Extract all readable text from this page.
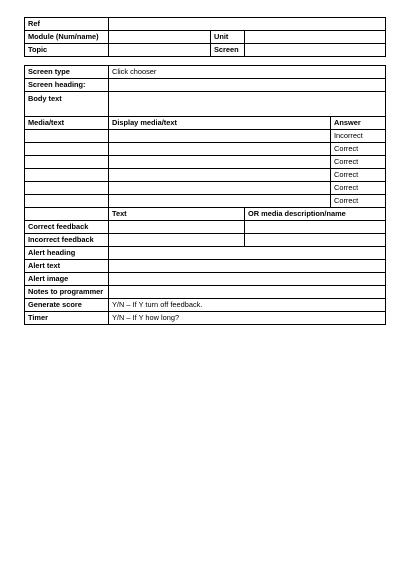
Ref			
Module (Num/name)		Unit	
Topic		Screen	
Screen type	Click chooser		
Screen heading:			
Body text			
Media/text	Display media/text		Answer
			Incorrect
			Correct
			Correct
			Correct
			Correct
			Correct
	Text	OR media description/name	
Correct feedback			
Incorrect feedback			
Alert heading			
Alert text			
Alert image			
Notes to programmer			
Generate score	Y/N – If Y turn off feedback.		
Timer	Y/N – If Y how long?		
